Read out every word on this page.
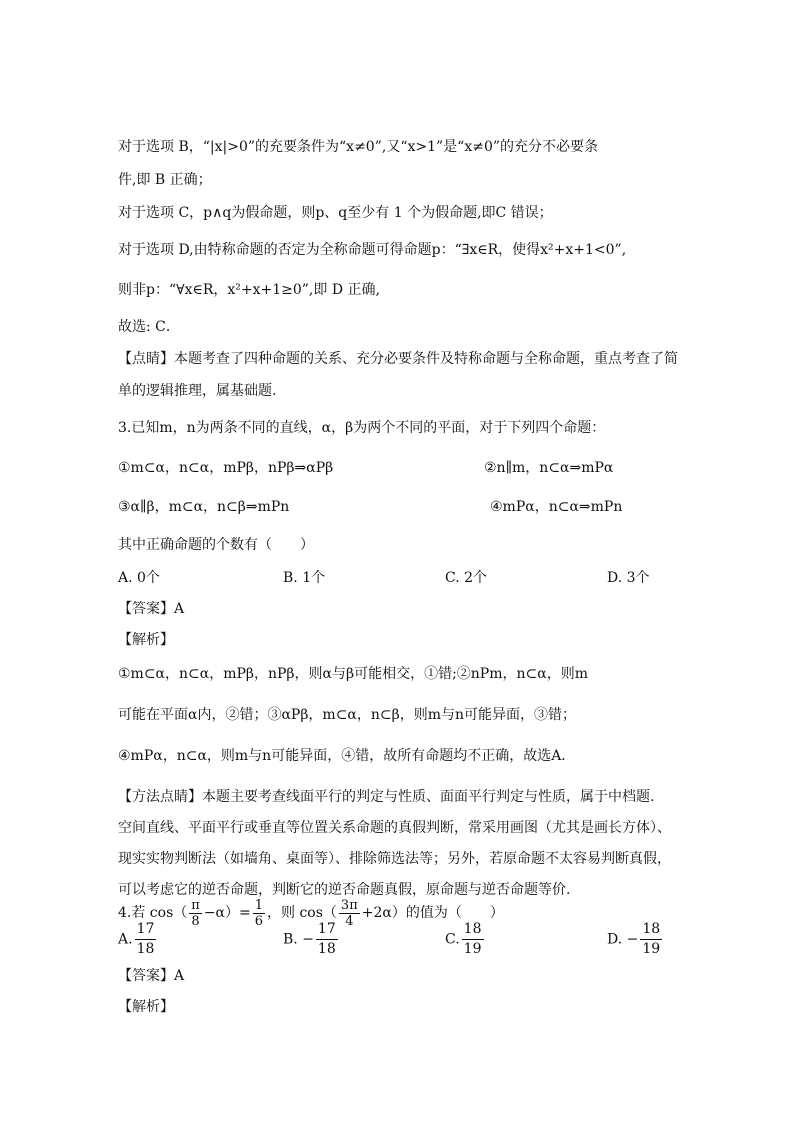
对于选项 B，“|x|>0”的充要条件为“x≠0”,又“x>1”是“x≠0”的充分不必要条
件,即 B 正确；
对于选项 C，p∧q为假命题，则p、q至少有 1 个为假命题,即C 错误；
对于选项 D,由特称命题的否定为全称命题可得命题p：“∃x∈R，使得x²+x+1<0”,
则非p：“∀x∈R，x²+x+1≥0”,即 D 正确,
故选: C．
【点睛】本题考查了四种命题的关系、充分必要条件及特称命题与全称命题，重点考查了简
单的逻辑推理，属基础题.
3.已知m，n为两条不同的直线，α，β为两个不同的平面，对于下列四个命题：
①m⊂α，n⊂α，mPβ，nPβ⇒αPβ	②n∥m，n⊂α⇒mPα
③α∥β，m⊂α，n⊂β⇒mPn	④mPα，n⊂α⇒mPn
其中正确命题的个数有（　　）
A. 0个	B. 1个	C. 2个	D. 3个
【答案】A
【解析】
①m⊂α，n⊂α，mPβ，nPβ，则α与β可能相交，①错;②nPm，n⊂α，则m
可能在平面α内，②错；③αPβ，m⊂α，n⊂β，则m与n可能异面，③错；
④mPα，n⊂α，则m与n可能异面，④错，故所有命题均不正确，故选A．
【方法点睛】本题主要考查线面平行的判定与性质、面面平行判定与性质，属于中档题.
空间直线、平面平行或垂直等位置关系命题的真假判断，常采用画图（尤其是画长方体）、
现实实物判断法（如墙角、桌面等）、排除筛选法等；另外，若原命题不太容易判断真假，
可以考虑它的逆否命题，判断它的逆否命题真假，原命题与逆否命题等价.
4.若 $\cos( \frac{\pi}{8} -\alpha)= \frac{1}{6}$ ，则 $\cos( \frac{3\pi}{4} +2\alpha)$的值为（　　）
A. $\frac{17}{18}$	B. − $\frac{17}{18}$	C. $\frac{18}{19}$	D. − $\frac{18}{19}$
【答案】A
【解析】
